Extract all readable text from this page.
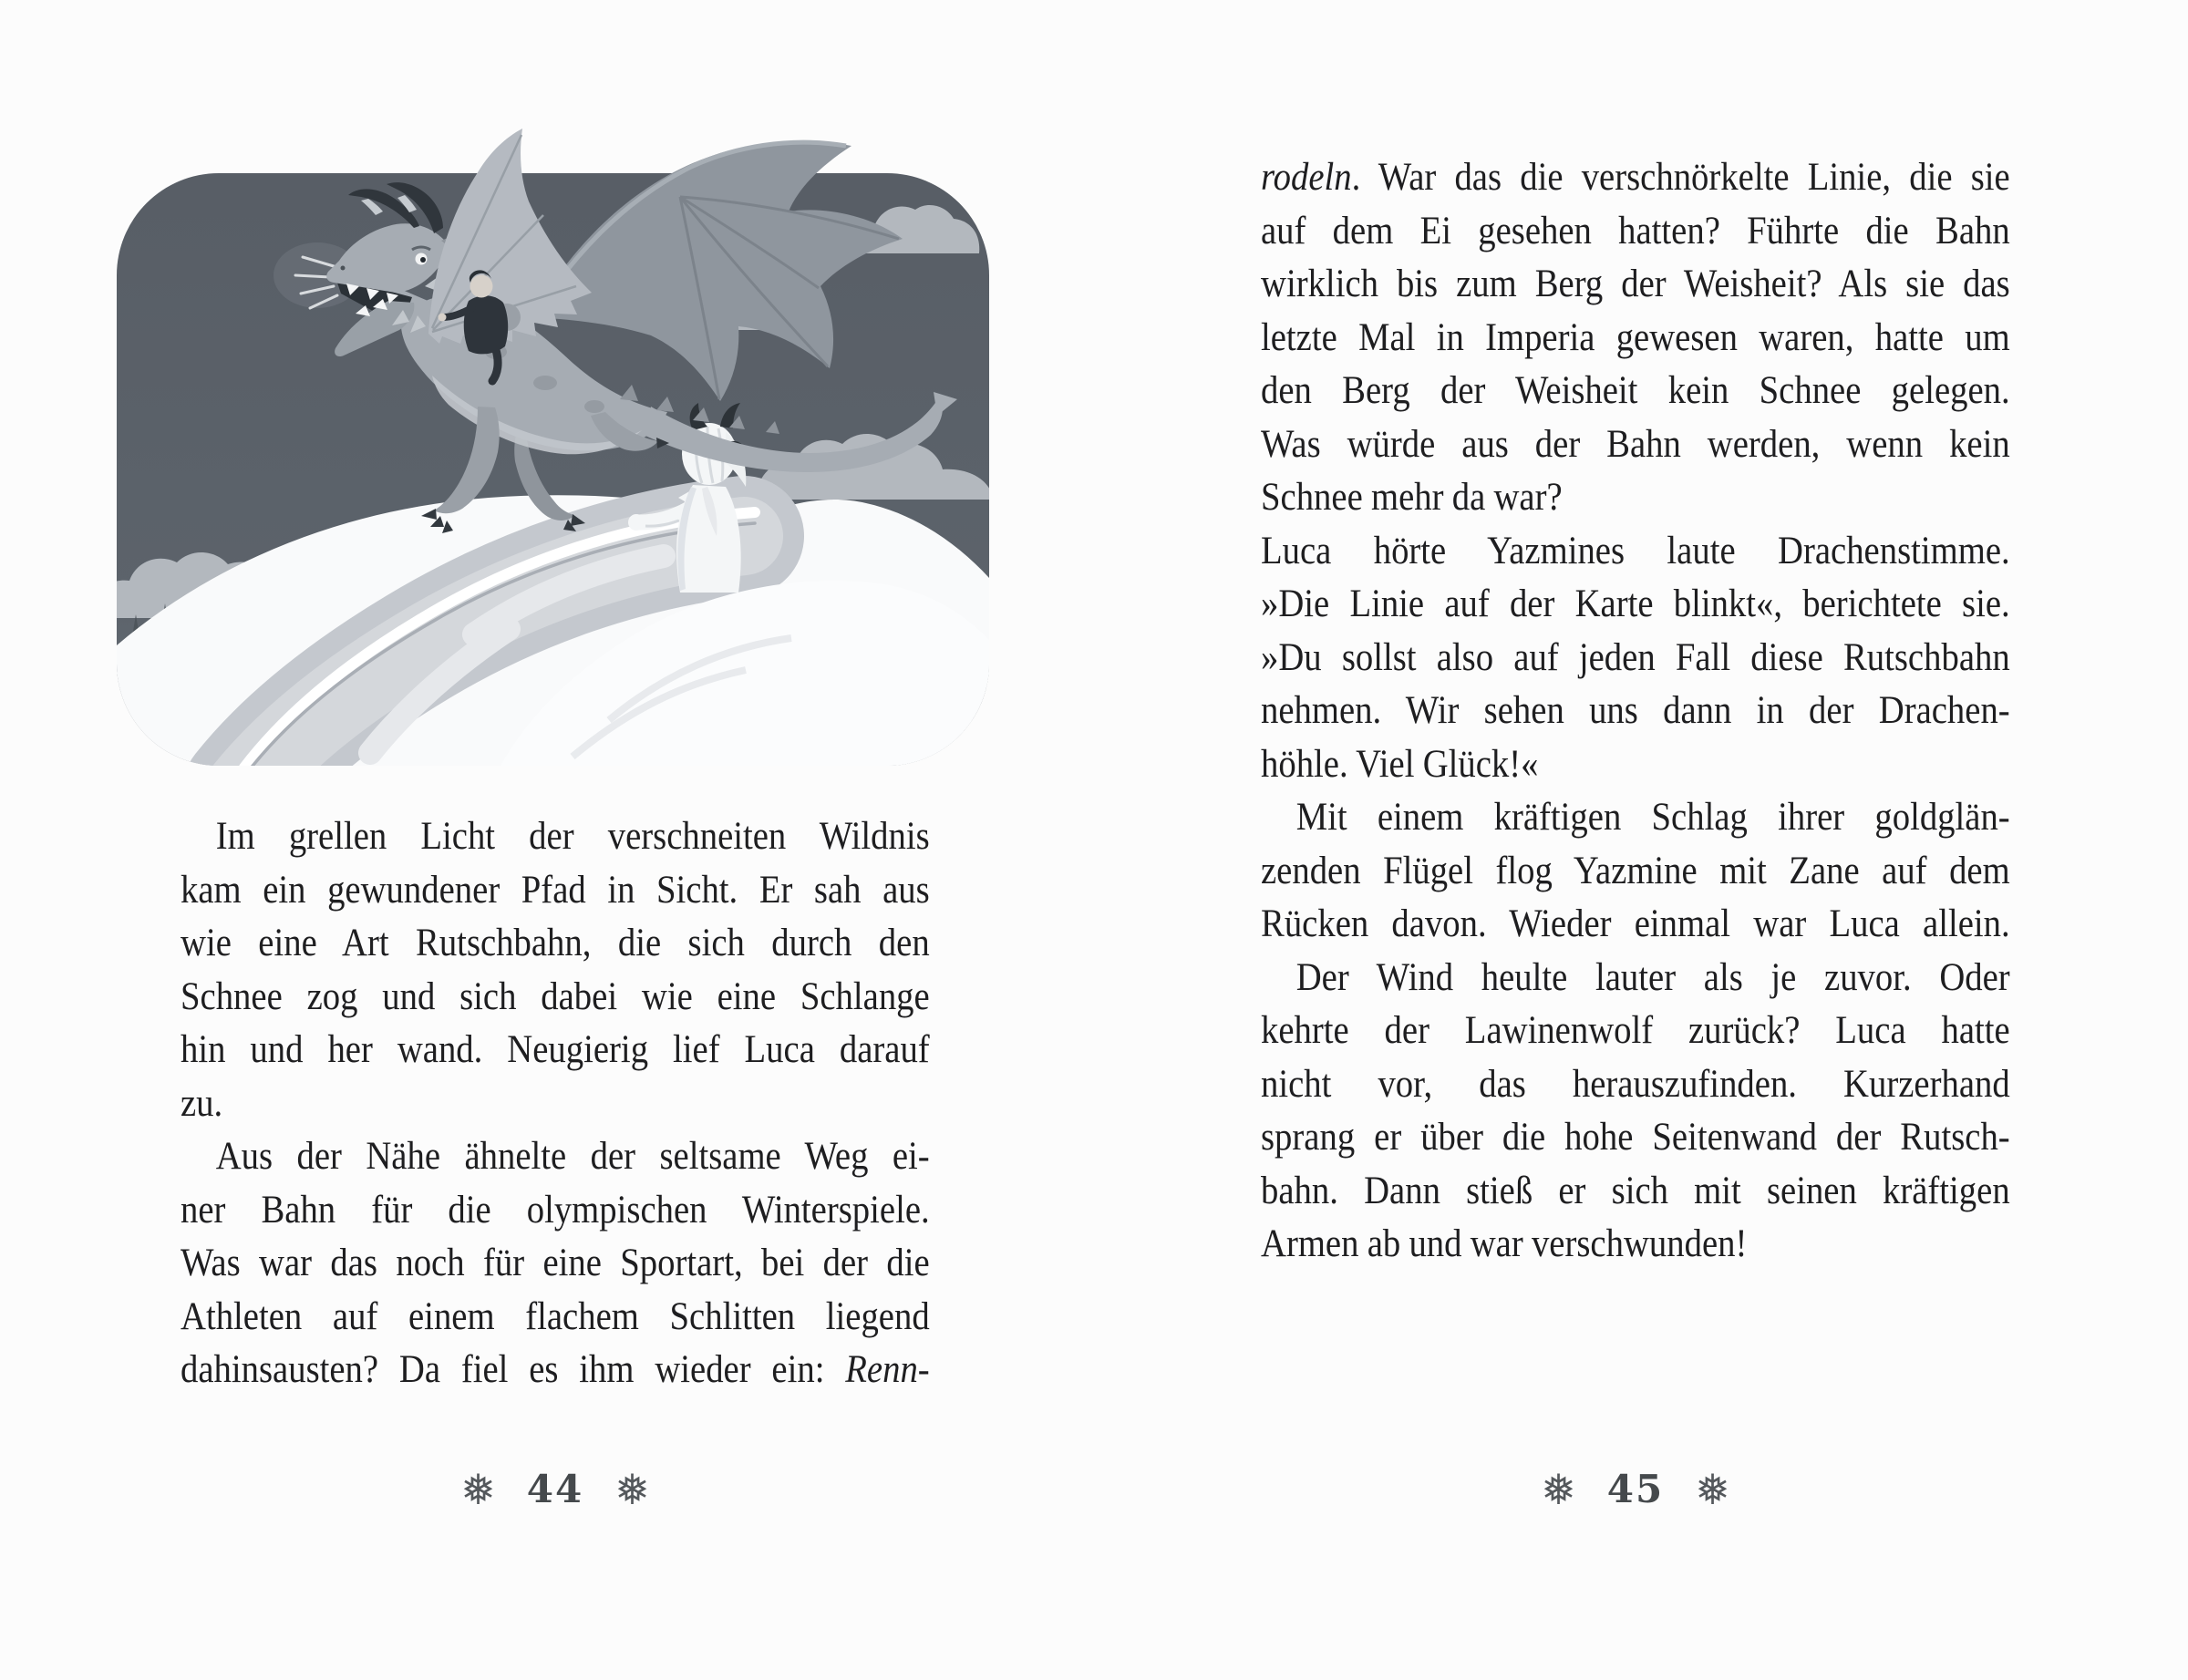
Im grellen Licht der verschneiten Wildnis
kam ein gewundener Pfad in Sicht. Er sah aus
wie eine Art Rutschbahn, die sich durch den
Schnee zog und sich dabei wie eine Schlange
hin und her wand. Neugierig lief Luca darauf
zu.
Aus der Nähe ähnelte der seltsame Weg ei-
ner Bahn für die olympischen Winterspiele.
Was war das noch für eine Sportart, bei der die
Athleten auf einem flachem Schlitten liegend
dahinsausten? Da fiel es ihm wieder ein: Renn-
rodeln. War das die verschnörkelte Linie, die sie
auf dem Ei gesehen hatten? Führte die Bahn
wirklich bis zum Berg der Weisheit? Als sie das
letzte Mal in Imperia gewesen waren, hatte um
den Berg der Weisheit kein Schnee gelegen.
Was würde aus der Bahn werden, wenn kein
Schnee mehr da war?
Luca hörte Yazmines laute Drachenstimme.
»Die Linie auf der Karte blinkt«, berichtete sie.
»Du sollst also auf jeden Fall diese Rutschbahn
nehmen. Wir sehen uns dann in der Drachen-
höhle. Viel Glück!«
Mit einem kräftigen Schlag ihrer goldglän-
zenden Flügel flog Yazmine mit Zane auf dem
Rücken davon. Wieder einmal war Luca allein.
Der Wind heulte lauter als je zuvor. Oder
kehrte der Lawinenwolf zurück? Luca hatte
nicht vor, das herauszufinden. Kurzerhand
sprang er über die hohe Seitenwand der Rutsch-
bahn. Dann stieß er sich mit seinen kräftigen
Armen ab und war verschwunden!
❅ 44 ❅	❅ 45 ❅
